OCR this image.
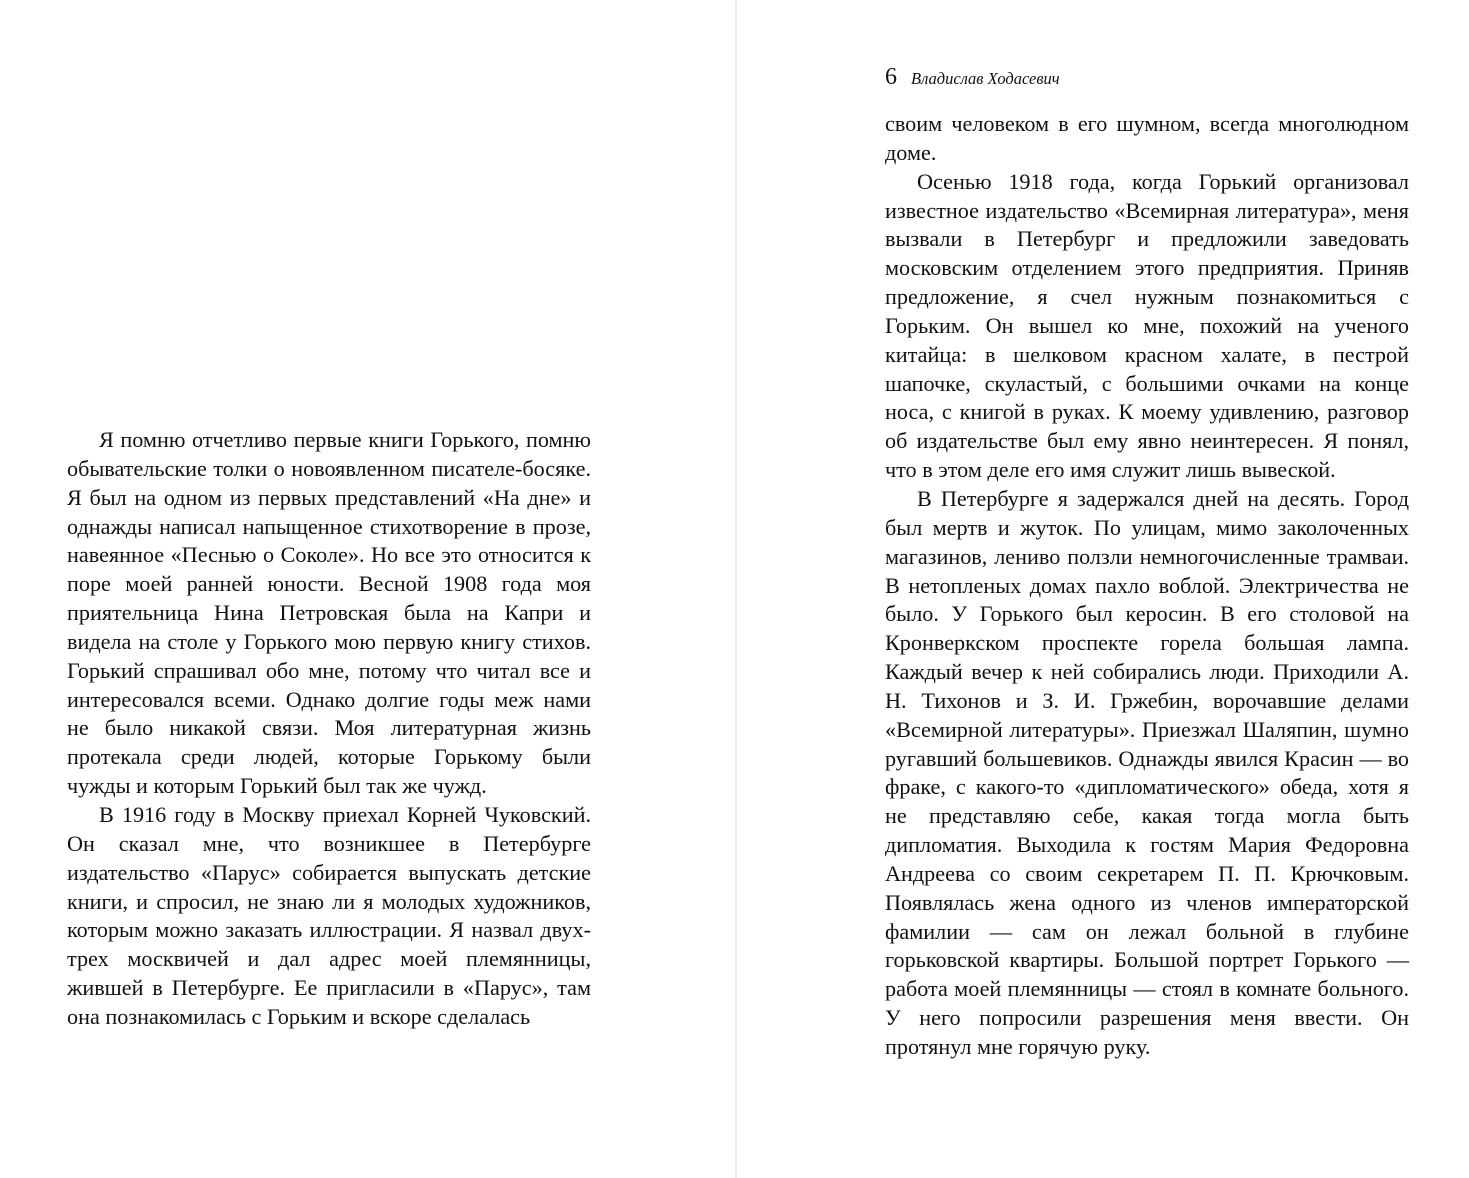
Я помню отчетливо первые книги Горького, помню обывательские толки о новоявленном писателе-босяке. Я был на одном из первых представлений «На дне» и однажды написал напыщенное стихотворение в прозе, навеянное «Песнью о Соколе». Но все это относится к поре моей ранней юности. Весной 1908 года моя приятельница Нина Петровская была на Капри и видела на столе у Горького мою первую книгу стихов. Горький спрашивал обо мне, потому что читал все и интересовался всеми. Однако долгие годы меж нами не было никакой связи. Моя литературная жизнь протекала среди людей, которые Горькому были чужды и которым Горький был так же чужд.

В 1916 году в Москву приехал Корней Чуковский. Он сказал мне, что возникшее в Петербурге издательство «Парус» собирается выпускать детские книги, и спросил, не знаю ли я молодых художников, которым можно заказать иллюстрации. Я назвал двух-трех москвичей и дал адрес моей племянницы, жившей в Петербурге. Ее пригласили в «Парус», там она познакомилась с Горьким и вскоре сделалась

6 Владислав Ходасевич

своим человеком в его шумном, всегда многолюдном доме.

Осенью 1918 года, когда Горький организовал известное издательство «Всемирная литература», меня вызвали в Петербург и предложили заведовать московским отделением этого предприятия. Приняв предложение, я счел нужным познакомиться с Горьким. Он вышел ко мне, похожий на ученого китайца: в шелковом красном халате, в пестрой шапочке, скуластый, с большими очками на конце носа, с книгой в руках. К моему удивлению, разговор об издательстве был ему явно неинтересен. Я понял, что в этом деле его имя служит лишь вывеской.

В Петербурге я задержался дней на десять. Город был мертв и жуток. По улицам, мимо заколоченных магазинов, лениво ползли немногочисленные трамваи. В нетопленых домах пахло воблой. Электричества не было. У Горького был керосин. В его столовой на Кронверкском проспекте горела большая лампа. Каждый вечер к ней собирались люди. Приходили А. Н. Тихонов и З. И. Гржебин, ворочавшие делами «Всемирной литературы». Приезжал Шаляпин, шумно ругавший большевиков. Однажды явился Красин — во фраке, с какого-то «дипломатического» обеда, хотя я не представляю себе, какая тогда могла быть дипломатия. Выходила к гостям Мария Федоровна Андреева со своим секретарем П. П. Крючковым. Появлялась жена одного из членов императорской фамилии — сам он лежал больной в глубине горьковской квартиры. Большой портрет Горького — работа моей племянницы — стоял в комнате больного. У него попросили разрешения меня ввести. Он протянул мне горячую руку.
